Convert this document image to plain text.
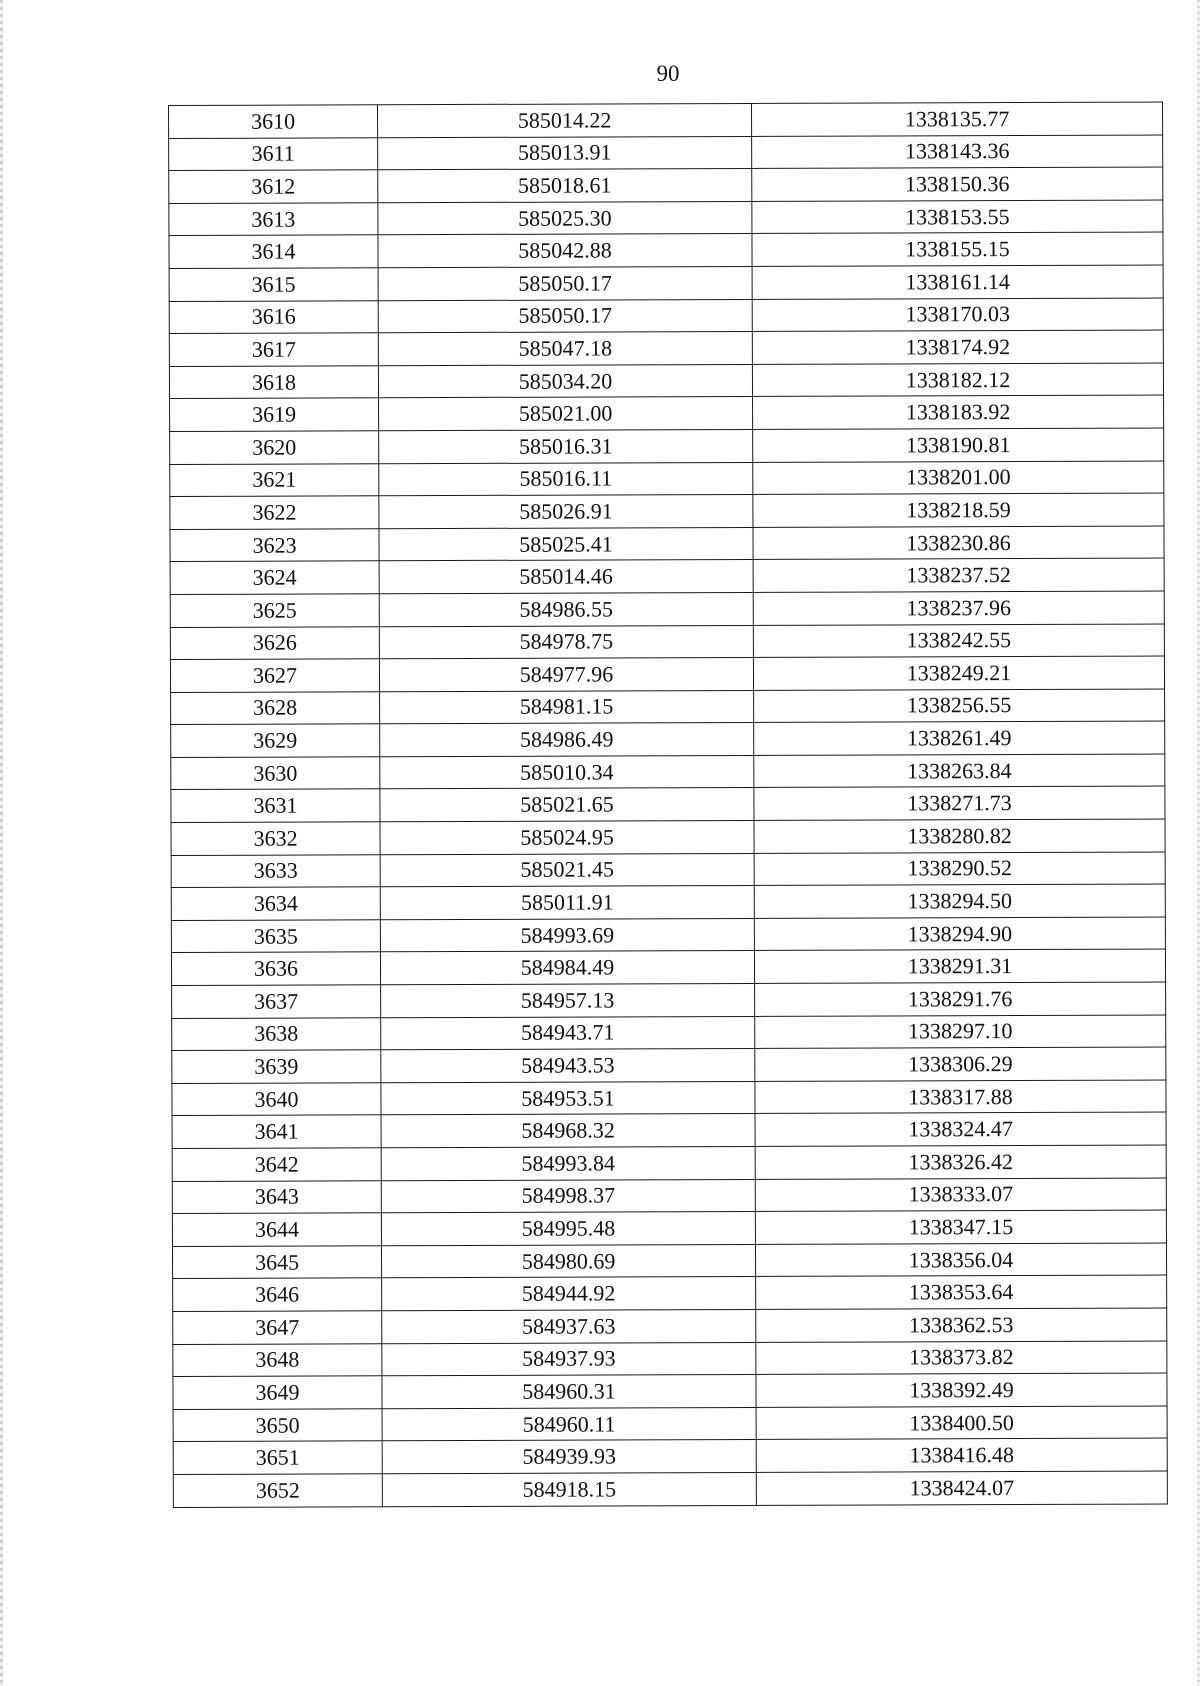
90
3610	585014.22	1338135.77
3611	585013.91	1338143.36
3612	585018.61	1338150.36
3613	585025.30	1338153.55
3614	585042.88	1338155.15
3615	585050.17	1338161.14
3616	585050.17	1338170.03
3617	585047.18	1338174.92
3618	585034.20	1338182.12
3619	585021.00	1338183.92
3620	585016.31	1338190.81
3621	585016.11	1338201.00
3622	585026.91	1338218.59
3623	585025.41	1338230.86
3624	585014.46	1338237.52
3625	584986.55	1338237.96
3626	584978.75	1338242.55
3627	584977.96	1338249.21
3628	584981.15	1338256.55
3629	584986.49	1338261.49
3630	585010.34	1338263.84
3631	585021.65	1338271.73
3632	585024.95	1338280.82
3633	585021.45	1338290.52
3634	585011.91	1338294.50
3635	584993.69	1338294.90
3636	584984.49	1338291.31
3637	584957.13	1338291.76
3638	584943.71	1338297.10
3639	584943.53	1338306.29
3640	584953.51	1338317.88
3641	584968.32	1338324.47
3642	584993.84	1338326.42
3643	584998.37	1338333.07
3644	584995.48	1338347.15
3645	584980.69	1338356.04
3646	584944.92	1338353.64
3647	584937.63	1338362.53
3648	584937.93	1338373.82
3649	584960.31	1338392.49
3650	584960.11	1338400.50
3651	584939.93	1338416.48
3652	584918.15	1338424.07
